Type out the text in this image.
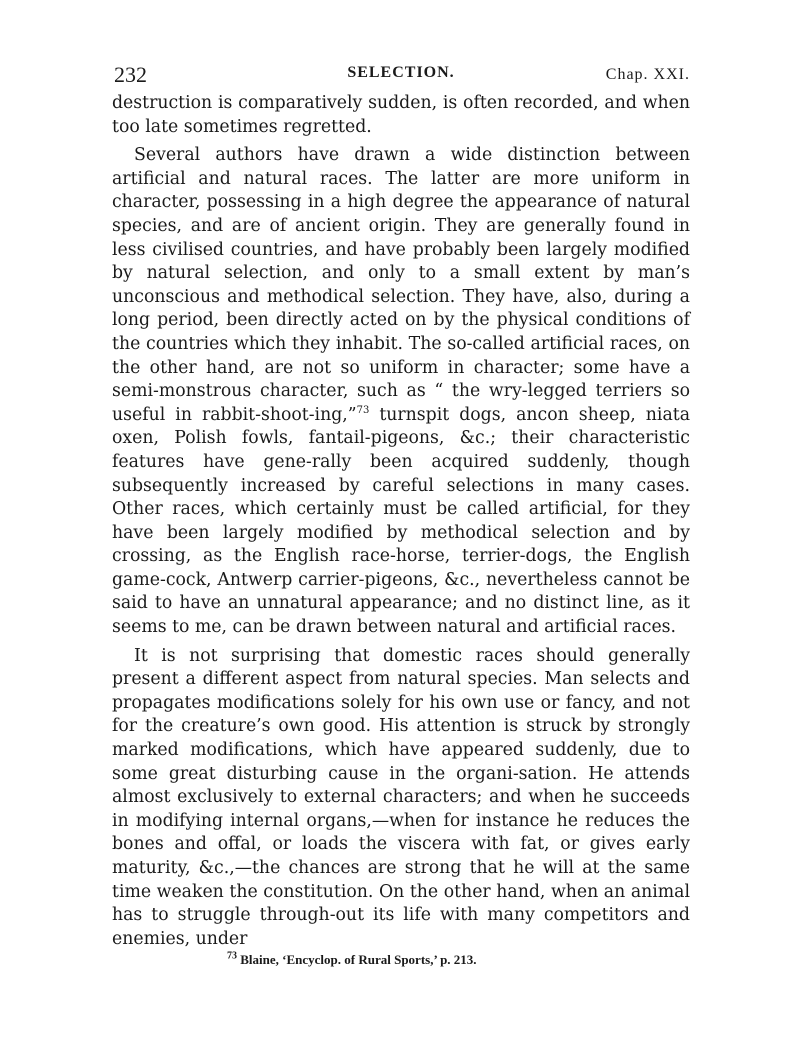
232	SELECTION.	Chap. XXI.

destruction is comparatively sudden, is often recorded, and when too late sometimes regretted.

Several authors have drawn a wide distinction between artificial and natural races. The latter are more uniform in character, possessing in a high degree the appearance of natural species, and are of ancient origin. They are generally found in less civilised countries, and have probably been largely modified by natural selection, and only to a small extent by man’s unconscious and methodical selection. They have, also, during a long period, been directly acted on by the physical conditions of the countries which they inhabit. The so-called artificial races, on the other hand, are not so uniform in character; some have a semi-monstrous character, such as “ the wry-legged terriers so useful in rabbit-shoot-ing,”$^{73}$ turnspit dogs, ancon sheep, niata oxen, Polish fowls, fantail-pigeons, &c.; their characteristic features have gene-rally been acquired suddenly, though subsequently increased by careful selections in many cases. Other races, which certainly must be called artificial, for they have been largely modified by methodical selection and by crossing, as the English race-horse, terrier-dogs, the English game-cock, Antwerp carrier-pigeons, &c., nevertheless cannot be said to have an unnatural appearance; and no distinct line, as it seems to me, can be drawn between natural and artificial races.

It is not surprising that domestic races should generally present a different aspect from natural species. Man selects and propagates modifications solely for his own use or fancy, and not for the creature’s own good. His attention is struck by strongly marked modifications, which have appeared suddenly, due to some great disturbing cause in the organi-sation. He attends almost exclusively to external characters; and when he succeeds in modifying internal organs,—when for instance he reduces the bones and offal, or loads the viscera with fat, or gives early maturity, &c.,—the chances are strong that he will at the same time weaken the constitution. On the other hand, when an animal has to struggle through-out its life with many competitors and enemies, under

$^{73}$ Blaine, ‘Encyclop. of Rural Sports,’ p. 213.
